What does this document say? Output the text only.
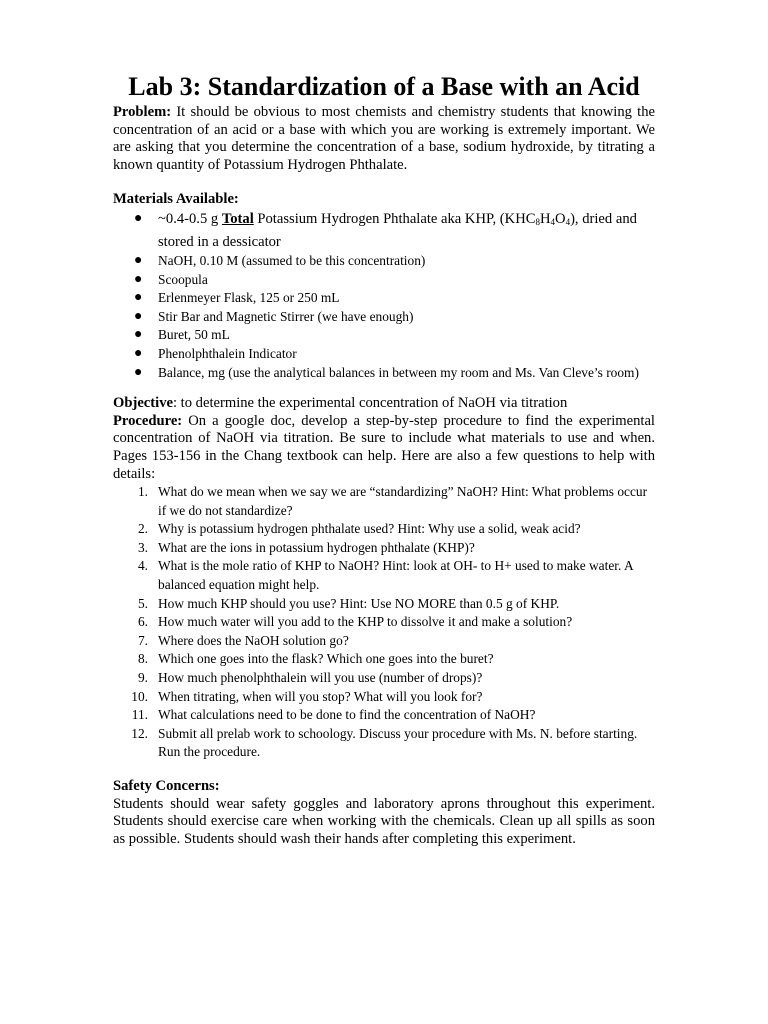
Lab 3: Standardization of a Base with an Acid

Problem: It should be obvious to most chemists and chemistry students that knowing the concentration of an acid or a base with which you are working is extremely important. We are asking that you determine the concentration of a base, sodium hydroxide, by titrating a known quantity of Potassium Hydrogen Phthalate.

Materials Available:

● ~0.4-0.5 g Total Potassium Hydrogen Phthalate aka KHP, $(KHC_8H_4O_4)$, dried and stored in a dessicator
● NaOH, 0.10 M (assumed to be this concentration)
● Scoopula
● Erlenmeyer Flask, 125 or 250 mL
● Stir Bar and Magnetic Stirrer (we have enough)
● Buret, 50 mL
● Phenolphthalein Indicator
● Balance, mg (use the analytical balances in between my room and Ms. Van Cleve’s room)

Objective: to determine the experimental concentration of NaOH via titration

Procedure: On a google doc, develop a step-by-step procedure to find the experimental concentration of NaOH via titration. Be sure to include what materials to use and when. Pages 153-156 in the Chang textbook can help. Here are also a few questions to help with details:

1. What do we mean when we say we are “standardizing” NaOH? Hint: What problems occur if we do not standardize?
2. Why is potassium hydrogen phthalate used? Hint: Why use a solid, weak acid?
3. What are the ions in potassium hydrogen phthalate (KHP)?
4. What is the mole ratio of KHP to NaOH? Hint: look at OH- to H+ used to make water. A balanced equation might help.
5. How much KHP should you use? Hint: Use NO MORE than 0.5 g of KHP.
6. How much water will you add to the KHP to dissolve it and make a solution?
7. Where does the NaOH solution go?
8. Which one goes into the flask? Which one goes into the buret?
9. How much phenolphthalein will you use (number of drops)?
10. When titrating, when will you stop? What will you look for?
11. What calculations need to be done to find the concentration of NaOH?
12. Submit all prelab work to schoology. Discuss your procedure with Ms. N. before starting. Run the procedure.

Safety Concerns:

Students should wear safety goggles and laboratory aprons throughout this experiment. Students should exercise care when working with the chemicals. Clean up all spills as soon as possible. Students should wash their hands after completing this experiment.
